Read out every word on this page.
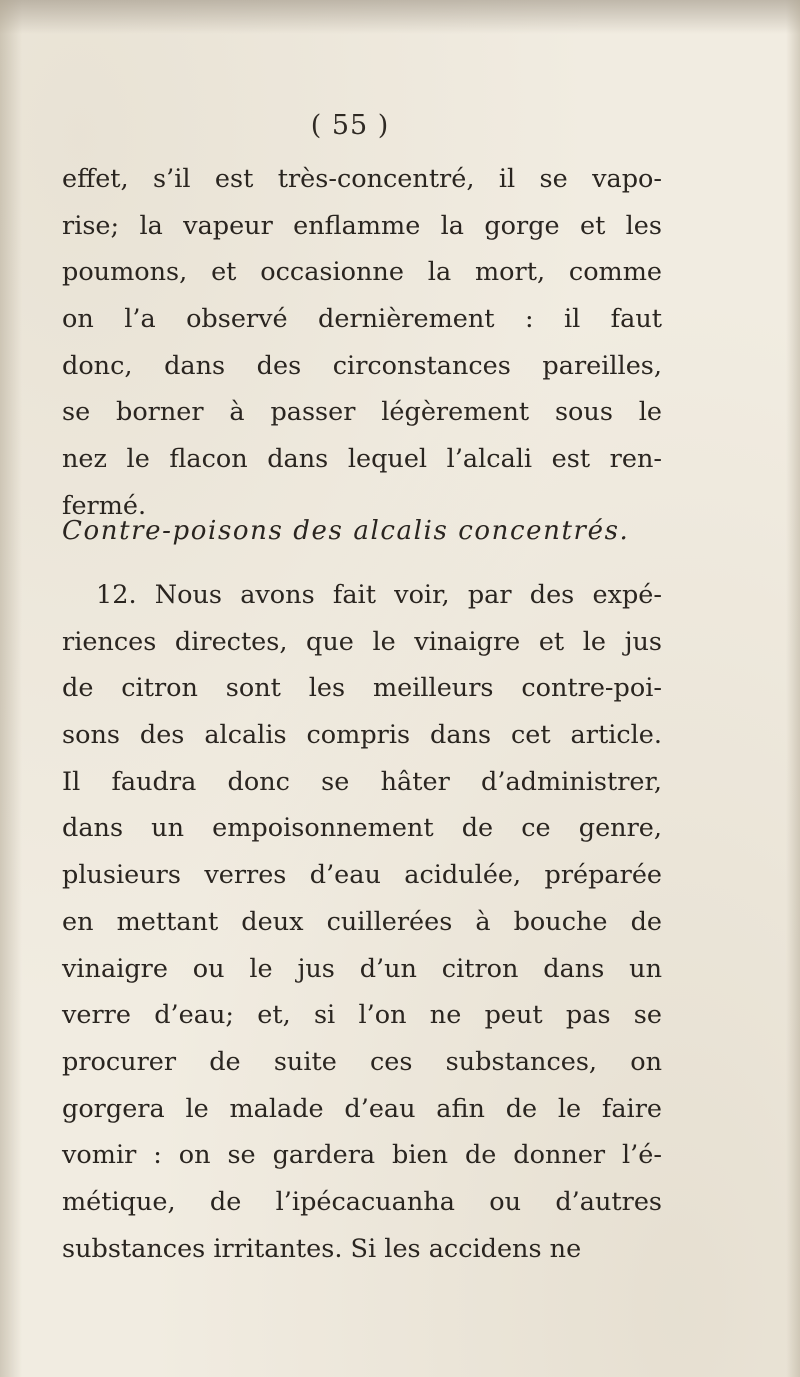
( 55 )
effet, s’il est très-concentré, il se vapo-
rise; la vapeur enflamme la gorge et les
poumons, et occasionne la mort, comme
on l’a observé dernièrement : il faut
donc, dans des circonstances pareilles,
se borner à passer légèrement sous le
nez le flacon dans lequel l’alcali est ren-
fermé.
Contre-poisons des alcalis concentrés.
12. Nous avons fait voir, par des expé-
riences directes, que le vinaigre et le jus
de citron sont les meilleurs contre-poi-
sons des alcalis compris dans cet article.
Il faudra donc se hâter d’administrer,
dans un empoisonnement de ce genre,
plusieurs verres d’eau acidulée, préparée
en mettant deux cuillerées à bouche de
vinaigre ou le jus d’un citron dans un
verre d’eau; et, si l’on ne peut pas se
procurer de suite ces substances, on
gorgera le malade d’eau afin de le faire
vomir : on se gardera bien de donner l’é-
métique, de l’ipécacuanha ou d’autres
substances irritantes. Si les accidens ne
